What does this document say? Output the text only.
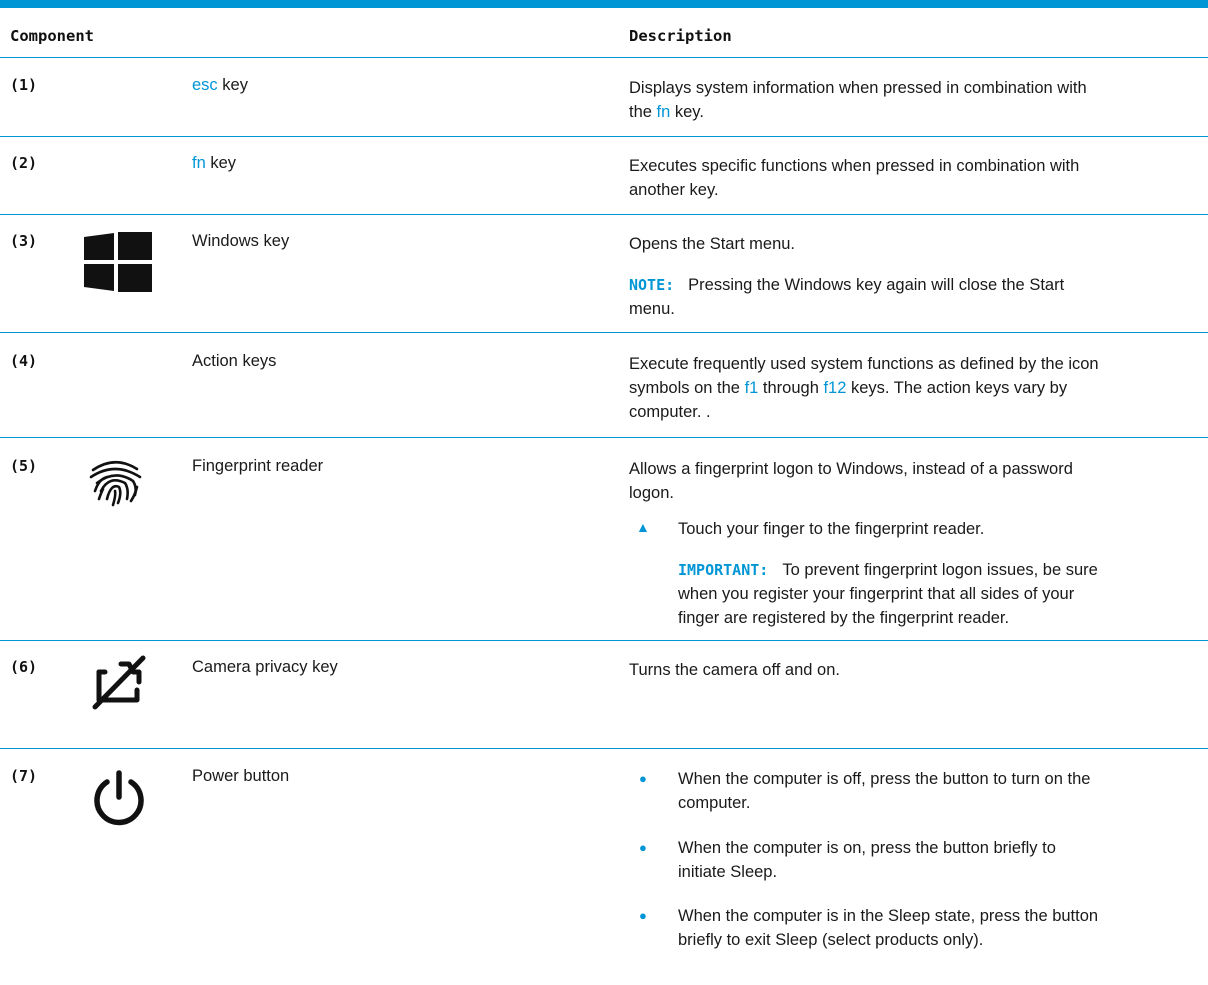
Component	Description
(1)	esc key	Displays system information when pressed in combination with
the fn key.
(2)	fn key	Executes specific functions when pressed in combination with
another key.
(3)	Windows key	Opens the Start menu.
NOTE: Pressing the Windows key again will close the Start
menu.
(4)	Action keys	Execute frequently used system functions as defined by the icon
symbols on the f1 through f12 keys. The action keys vary by
computer. .
(5)	Fingerprint reader	Allows a fingerprint logon to Windows, instead of a password
logon.
▲ Touch your finger to the fingerprint reader.
IMPORTANT: To prevent fingerprint logon issues, be sure
when you register your fingerprint that all sides of your
finger are registered by the fingerprint reader.
(6)	Camera privacy key	Turns the camera off and on.
(7)	Power button	● When the computer is off, press the button to turn on the
computer.
● When the computer is on, press the button briefly to
initiate Sleep.
● When the computer is in the Sleep state, press the button
briefly to exit Sleep (select products only).
